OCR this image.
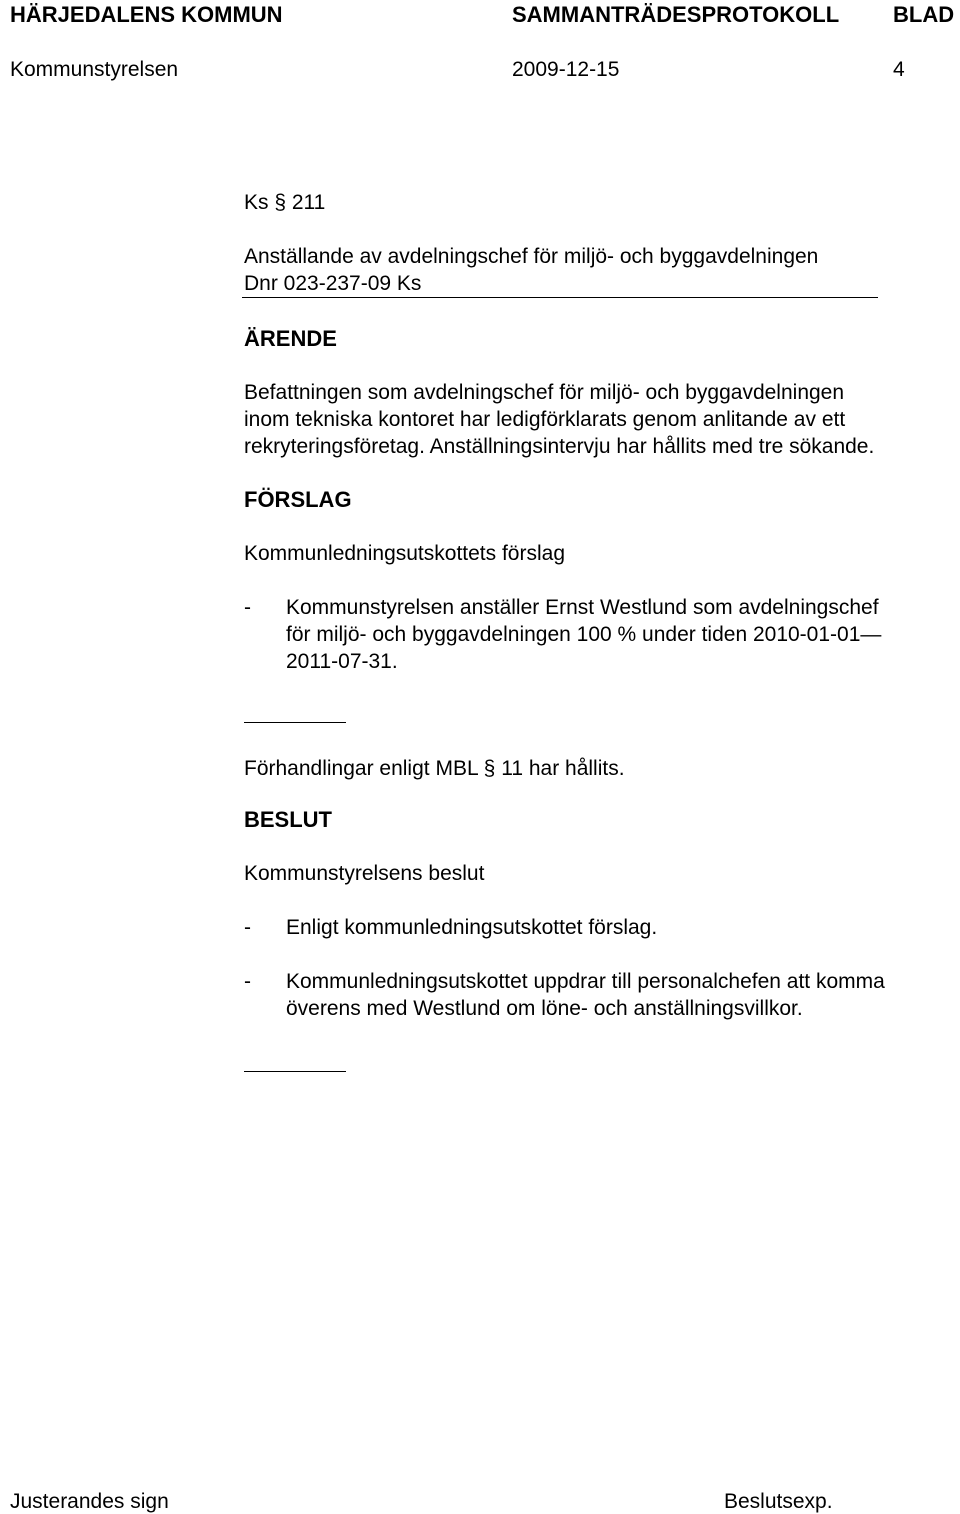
HÄRJEDALENS KOMMUN	SAMMANTRÄDESPROTOKOLL BLAD
Kommunstyrelsen	2009-12-15	4
Ks § 211
Anställande av avdelningschef för miljö- och byggavdelningen
Dnr 023-237-09 Ks
ÄRENDE
Befattningen som avdelningschef för miljö- och byggavdelningen
inom tekniska kontoret har ledigförklarats genom anlitande av ett
rekryteringsföretag. Anställningsintervju har hållits med tre sökande.
FÖRSLAG
Kommunledningsutskottets förslag
- Kommunstyrelsen anställer Ernst Westlund som avdelningschef
för miljö- och byggavdelningen 100 % under tiden 2010-01-01—
2011-07-31.
Förhandlingar enligt MBL § 11 har hållits.
BESLUT
Kommunstyrelsens beslut
- Enligt kommunledningsutskottet förslag.
- Kommunledningsutskottet uppdrar till personalchefen att komma
överens med Westlund om löne- och anställningsvillkor.
Justerandes sign	Beslutsexp.
